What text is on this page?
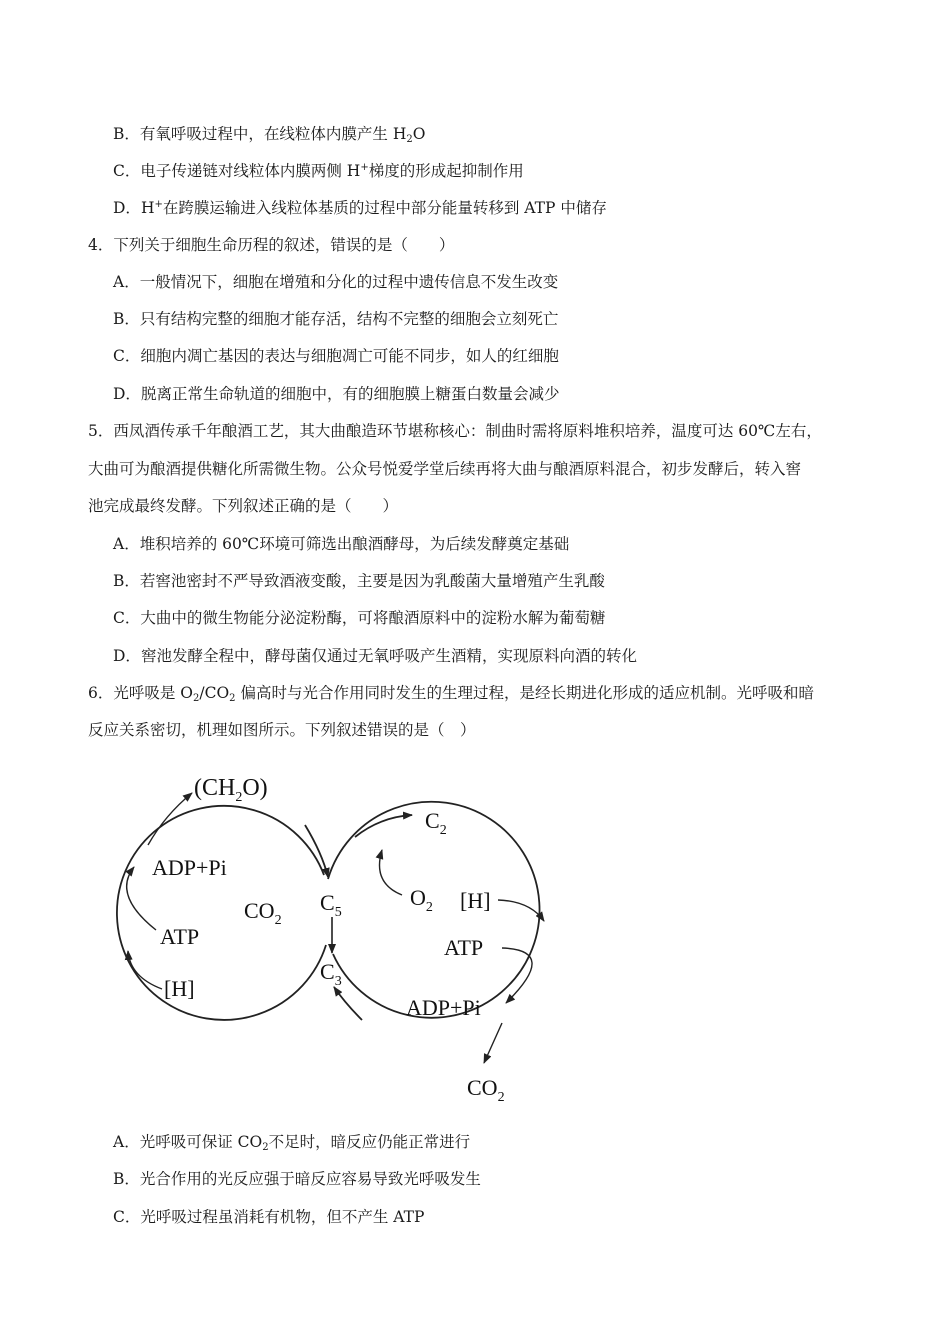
B．有氧呼吸过程中，在线粒体内膜产生 $H_2O$
C．电子传递链对线粒体内膜两侧 H+梯度的形成起抑制作用
D．H+在跨膜运输进入线粒体基质的过程中部分能量转移到 ATP 中储存
4．下列关于细胞生命历程的叙述，错误的是（　　）
A．一般情况下，细胞在增殖和分化的过程中遗传信息不发生改变
B．只有结构完整的细胞才能存活，结构不完整的细胞会立刻死亡
C．细胞内凋亡基因的表达与细胞凋亡可能不同步，如人的红细胞
D．脱离正常生命轨道的细胞中，有的细胞膜上糖蛋白数量会减少
5．西凤酒传承千年酿酒工艺，其大曲酿造环节堪称核心：制曲时需将原料堆积培养，温度可达 60℃左右，
大曲可为酿酒提供糖化所需微生物。公众号悦爱学堂后续再将大曲与酿酒原料混合，初步发酵后，转入窖
池完成最终发酵。下列叙述正确的是（　　）
A．堆积培养的 60℃环境可筛选出酿酒酵母，为后续发酵奠定基础
B．若窖池密封不严导致酒液变酸，主要是因为乳酸菌大量增殖产生乳酸
C．大曲中的微生物能分泌淀粉酶，可将酿酒原料中的淀粉水解为葡萄糖
D．窖池发酵全程中，酵母菌仅通过无氧呼吸产生酒精，实现原料向酒的转化
6．光呼吸是 $O_2/CO_2$ 偏高时与光合作用同时发生的生理过程，是经长期进化形成的适应机制。光呼吸和暗
反应关系密切，机理如图所示。下列叙述错误的是（　）
$(CH_2O)$
ADP+Pi
ATP
[H]
$CO_2$
$C_5$
$C_3$
$C_2$
$O_2$ [H]
ATP
ADP+Pi
$CO_2$
A．光呼吸可保证 $CO_2$不足时，暗反应仍能正常进行
B．光合作用的光反应强于暗反应容易导致光呼吸发生
C．光呼吸过程虽消耗有机物，但不产生 ATP
